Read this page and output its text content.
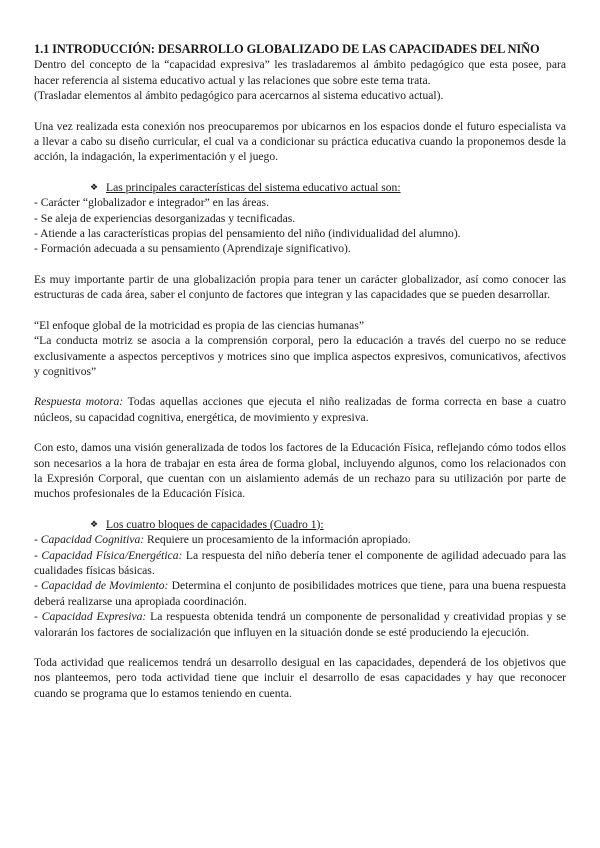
1.1 INTRODUCCIÓN: DESARROLLO GLOBALIZADO DE LAS CAPACIDADES DEL NIÑO

Dentro del concepto de la “capacidad expresiva” les trasladaremos al ámbito pedagógico que esta posee, para hacer referencia al sistema educativo actual y las relaciones que sobre este tema trata.

(Trasladar elementos al ámbito pedagógico para acercarnos al sistema educativo actual).

Una vez realizada esta conexión nos preocuparemos por ubicarnos en los espacios donde el futuro especialista va a llevar a cabo su diseño curricular, el cual va a condicionar su práctica educativa cuando la proponemos desde la acción, la indagación, la experimentación y el juego.

❖ Las principales características del sistema educativo actual son:

- Carácter “globalizador e integrador” en las áreas.

- Se aleja de experiencias desorganizadas y tecnificadas.

- Atiende a las características propias del pensamiento del niño (individualidad del alumno).

- Formación adecuada a su pensamiento (Aprendizaje significativo).

Es muy importante partir de una globalización propia para tener un carácter globalizador, así como conocer las estructuras de cada área, saber el conjunto de factores que integran y las capacidades que se pueden desarrollar.

“El enfoque global de la motricidad es propia de las ciencias humanas”

“La conducta motriz se asocia a la comprensión corporal, pero la educación a través del cuerpo no se reduce exclusivamente a aspectos perceptivos y motrices sino que implica aspectos expresivos, comunicativos, afectivos y cognitivos”

Respuesta motora: Todas aquellas acciones que ejecuta el niño realizadas de forma correcta en base a cuatro núcleos, su capacidad cognitiva, energética, de movimiento y expresiva.

Con esto, damos una visión generalizada de todos los factores de la Educación Física, reflejando cómo todos ellos son necesarios a la hora de trabajar en esta área de forma global, incluyendo algunos, como los relacionados con la Expresión Corporal, que cuentan con un aislamiento además de un rechazo para su utilización por parte de muchos profesionales de la Educación Física.

❖ Los cuatro bloques de capacidades (Cuadro 1):

- Capacidad Cognitiva: Requiere un procesamiento de la información apropiado.

- Capacidad Física/Energética: La respuesta del niño debería tener el componente de agilidad adecuado para las cualidades físicas básicas.

- Capacidad de Movimiento: Determina el conjunto de posibilidades motrices que tiene, para una buena respuesta deberá realizarse una apropiada coordinación.

- Capacidad Expresiva: La respuesta obtenida tendrá un componente de personalidad y creatividad propias y se valorarán los factores de socialización que influyen en la situación donde se esté produciendo la ejecución.

Toda actividad que realicemos tendrá un desarrollo desigual en las capacidades, dependerá de los objetivos que nos planteemos, pero toda actividad tiene que incluir el desarrollo de esas capacidades y hay que reconocer cuando se programa que lo estamos teniendo en cuenta.
